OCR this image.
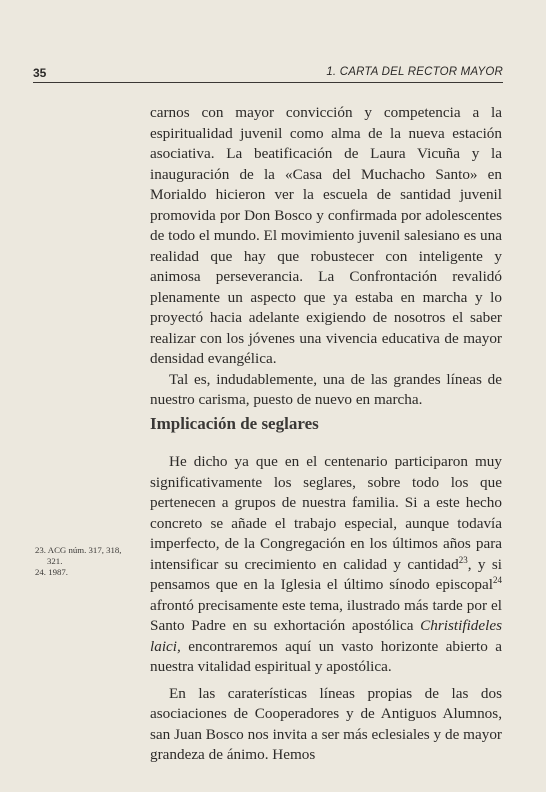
35	1. CARTA DEL RECTOR MAYOR

carnos con mayor convicción y competencia a la espiritualidad juvenil como alma de la nueva estación asociativa. La beatificación de Laura Vicuña y la inauguración de la «Casa del Muchacho Santo» en Morialdo hicieron ver la escuela de santidad juvenil promovida por Don Bosco y confirmada por adolescentes de todo el mundo. El movimiento juvenil salesiano es una realidad que hay que robustecer con inteligente y animosa perseverancia. La Confrontación revalidó plenamente un aspecto que ya estaba en marcha y lo proyectó hacia adelante exigiendo de nosotros el saber realizar con los jóvenes una vivencia educativa de mayor densidad evangélica.

Tal es, indudablemente, una de las grandes líneas de nuestro carisma, puesto de nuevo en marcha.

Implicación de seglares

He dicho ya que en el centenario participaron muy significativamente los seglares, sobre todo los que pertenecen a grupos de nuestra familia. Si a este hecho concreto se añade el trabajo especial, aunque todavía imperfecto, de la Congregación en los últimos años para intensificar su crecimiento en calidad y cantidad$^{23}$, y si pensamos que en la Iglesia el último sínodo episcopal$^{24}$ afrontó precisamente este tema, ilustrado más tarde por el Santo Padre en su exhortación apostólica Christifideles laici, encontraremos aquí un vasto horizonte abierto a nuestra vitalidad espiritual y apostólica.

En las caraterísticas líneas propias de las dos asociaciones de Cooperadores y de Antiguos Alumnos, san Juan Bosco nos invita a ser más eclesiales y de mayor grandeza de ánimo. Hemos

23. ACG núm. 317, 318,
321.
24. 1987.
